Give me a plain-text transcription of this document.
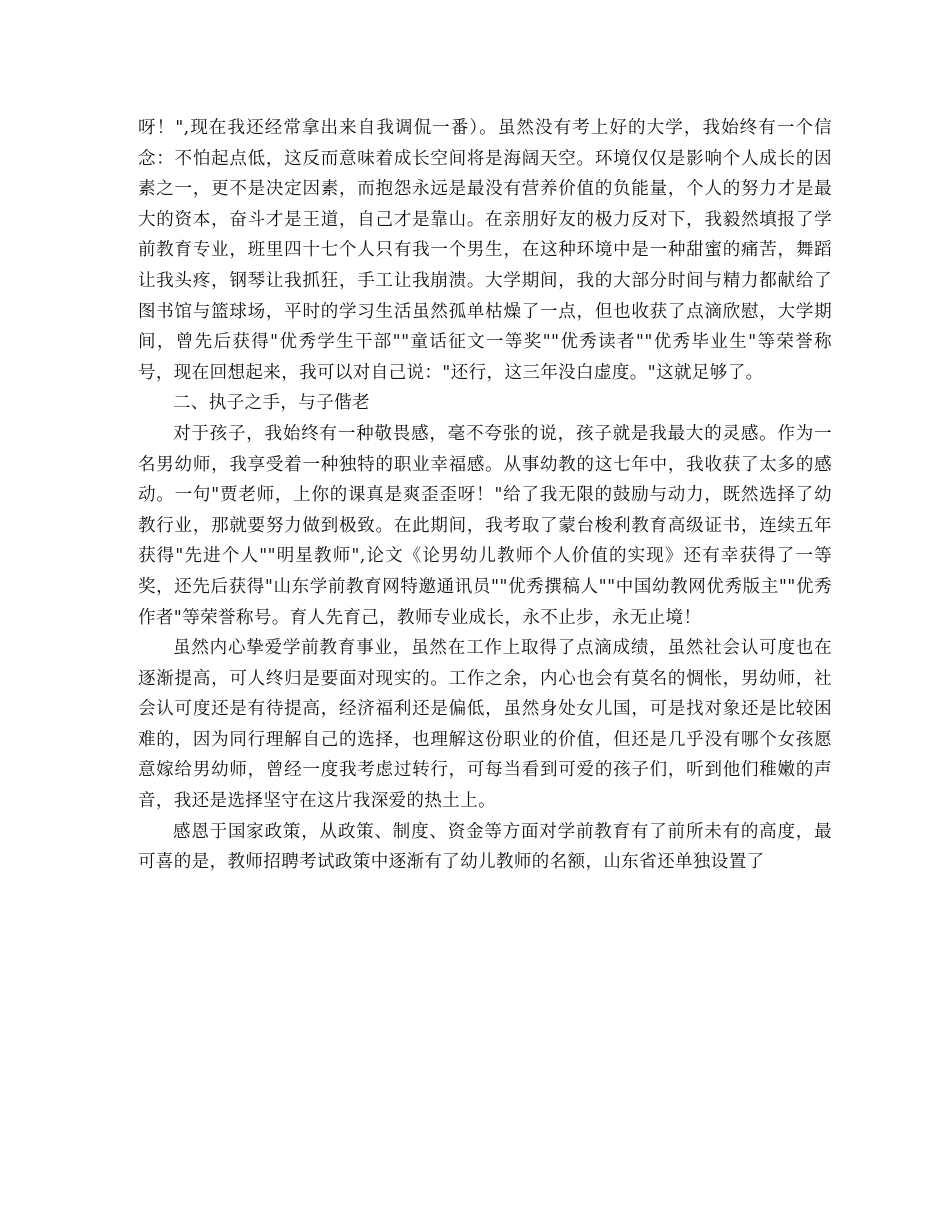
呀！",现在我还经常拿出来自我调侃一番）。虽然没有考上好的大学，我始终有一个信念：不怕起点低，这反而意味着成长空间将是海阔天空。环境仅仅是影响个人成长的因素之一，更不是决定因素，而抱怨永远是最没有营养价值的负能量，个人的努力才是最大的资本，奋斗才是王道，自己才是靠山。在亲朋好友的极力反对下，我毅然填报了学前教育专业，班里四十七个人只有我一个男生，在这种环境中是一种甜蜜的痛苦，舞蹈让我头疼，钢琴让我抓狂，手工让我崩溃。大学期间，我的大部分时间与精力都献给了图书馆与篮球场，平时的学习生活虽然孤单枯燥了一点，但也收获了点滴欣慰，大学期间，曾先后获得"优秀学生干部""童话征文一等奖""优秀读者""优秀毕业生"等荣誉称号，现在回想起来，我可以对自己说："还行，这三年没白虚度。"这就足够了。

二、执子之手，与子偕老

对于孩子，我始终有一种敬畏感，毫不夸张的说，孩子就是我最大的灵感。作为一名男幼师，我享受着一种独特的职业幸福感。从事幼教的这七年中，我收获了太多的感动。一句"贾老师，上你的课真是爽歪歪呀！"给了我无限的鼓励与动力，既然选择了幼教行业，那就要努力做到极致。在此期间，我考取了蒙台梭利教育高级证书，连续五年获得"先进个人""明星教师",论文《论男幼儿教师个人价值的实现》还有幸获得了一等奖，还先后获得"山东学前教育网特邀通讯员""优秀撰稿人""中国幼教网优秀版主""优秀作者"等荣誉称号。育人先育己，教师专业成长，永不止步，永无止境！

虽然内心挚爱学前教育事业，虽然在工作上取得了点滴成绩，虽然社会认可度也在逐渐提高，可人终归是要面对现实的。工作之余，内心也会有莫名的惆怅，男幼师，社会认可度还是有待提高，经济福利还是偏低，虽然身处女儿国，可是找对象还是比较困难的，因为同行理解自己的选择，也理解这份职业的价值，但还是几乎没有哪个女孩愿意嫁给男幼师，曾经一度我考虑过转行，可每当看到可爱的孩子们，听到他们稚嫩的声音，我还是选择坚守在这片我深爱的热土上。

感恩于国家政策，从政策、制度、资金等方面对学前教育有了前所未有的高度，最可喜的是，教师招聘考试政策中逐渐有了幼儿教师的名额，山东省还单独设置了
